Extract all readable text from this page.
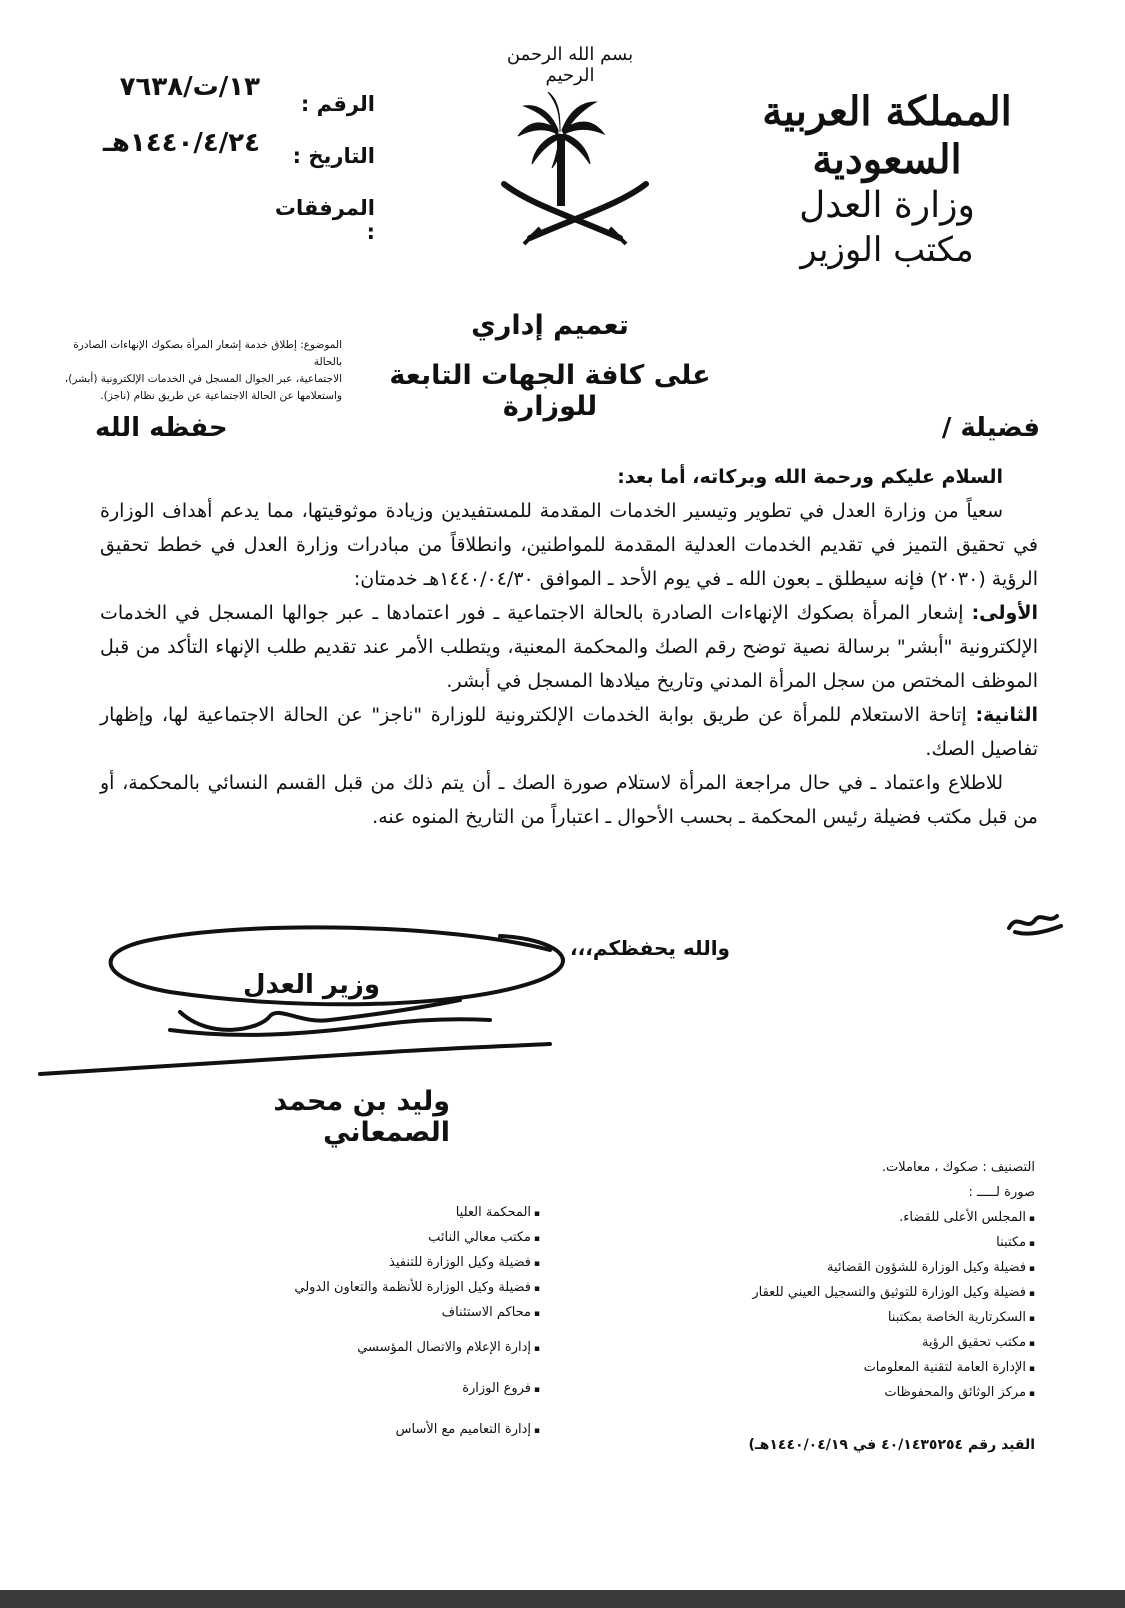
المملكة العربية السعودية
وزارة العدل
مكتب الوزير
بسم الله الرحمن الرحيم
الرقم :
التاريخ :
المرفقات :
١٣/ت/٧٦٣٨
١٤٤٠/٤/٢٤هـ
الموضوع: إطلاق خدمة إشعار المرأة بصكوك الإنهاءات الصادرة بالحالة
الاجتماعية، عبر الجوال المسجل في الخدمات الإلكترونية (أبشر)،
واستعلامها عن الحالة الاجتماعية عن طريق نظام (ناجز).
تعميم إداري
على كافة الجهات التابعة للوزارة
فضيلة /
حفظه الله

السلام عليكم ورحمة الله وبركاته، أما بعد:

سعياً من وزارة العدل في تطوير وتيسير الخدمات المقدمة للمستفيدين وزيادة موثوقيتها، مما يدعم أهداف الوزارة في تحقيق التميز في تقديم الخدمات العدلية المقدمة للمواطنين، وانطلاقاً من مبادرات وزارة العدل في خطط تحقيق الرؤية (٢٠٣٠) فإنه سيطلق ـ بعون الله ـ في يوم الأحد ـ الموافق ١٤٤٠/٠٤/٣٠هـ خدمتان:

الأولى: إشعار المرأة بصكوك الإنهاءات الصادرة بالحالة الاجتماعية ـ فور اعتمادها ـ عبر جوالها المسجل في الخدمات الإلكترونية "أبشر" برسالة نصية توضح رقم الصك والمحكمة المعنية، ويتطلب الأمر عند تقديم طلب الإنهاء التأكد من قبل الموظف المختص من سجل المرأة المدني وتاريخ ميلادها المسجل في أبشر.

الثانية: إتاحة الاستعلام للمرأة عن طريق بوابة الخدمات الإلكترونية للوزارة "ناجز" عن الحالة الاجتماعية لها، وإظهار تفاصيل الصك.

للاطلاع واعتماد ـ في حال مراجعة المرأة لاستلام صورة الصك ـ أن يتم ذلك من قبل القسم النسائي بالمحكمة، أو من قبل مكتب فضيلة رئيس المحكمة ـ بحسب الأحوال ـ اعتباراً من التاريخ المنوه عنه.

والله يحفظكم،،،
وزير العدل
وليد بن محمد الصمعاني
التصنيف : صكوك ، معاملات.
صورة لـــــ :
▪ المجلس الأعلى للقضاء.
▪ مكتبنا
▪ فضيلة وكيل الوزارة للشؤون القضائية
▪ فضيلة وكيل الوزارة للتوثيق والتسجيل العيني للعقار
▪ السكرتارية الخاصة بمكتبنا
▪ مكتب تحقيق الرؤية
▪ الإدارة العامة لتقنية المعلومات
▪ مركز الوثائق والمحفوظات
▪ المحكمة العليا
▪ مكتب معالي النائب
▪ فضيلة وكيل الوزارة للتنفيذ
▪ فضيلة وكيل الوزارة للأنظمة والتعاون الدولي
▪ محاكم الاستئناف
▪ إدارة الإعلام والاتصال المؤسسي
▪ فروع الوزارة
▪ إدارة التعاميم مع الأساس
القيد رقم ٤٠/١٤٣٥٢٥٤ في ١٤٤٠/٠٤/١٩هـ)
